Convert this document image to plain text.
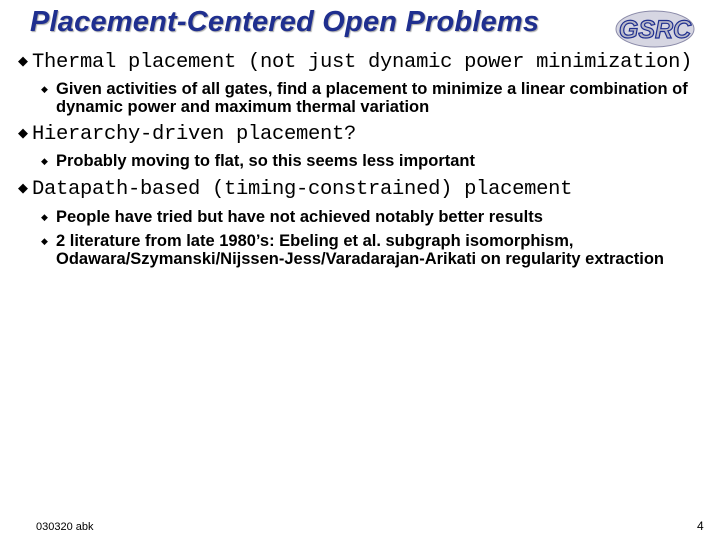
Placement-Centered Open Problems	GSRC
◆ Thermal placement (not just dynamic power minimization)
◆ Given activities of all gates, find a placement to minimize a linear combination of dynamic power and maximum thermal variation
◆ Hierarchy-driven placement?
◆ Probably moving to flat, so this seems less important
◆ Datapath-based (timing-constrained) placement
◆ People have tried but have not achieved notably better results
◆ 2 literature from late 1980’s: Ebeling et al. subgraph isomorphism, Odawara/Szymanski/Nijssen-Jess/Varadarajan-Arikati on regularity extraction
030320 abk	4
